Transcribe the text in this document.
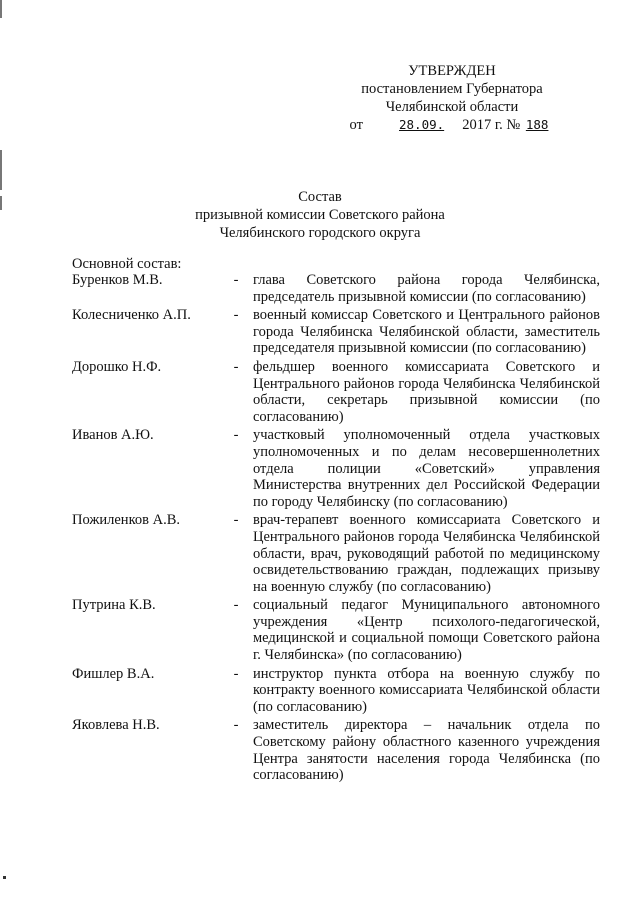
УТВЕРЖДЕН
постановлением Губернатора
Челябинской области
от	28.09. 2017 г. № 188
Состав
призывной комиссии Советского района
Челябинского городского округа
Основной состав:
Буренков М.В.	- глава Советского района города Челябинска, председатель призывной комиссии (по согласованию)
Колесниченко А.П.	- военный комиссар Советского и Центрального районов города Челябинска Челябинской области, заместитель председателя призывной комиссии (по согласованию)
Дорошко Н.Ф.	- фельдшер военного комиссариата Советского и Центрального районов города Челябинска Челябинской области, секретарь призывной комиссии (по согласованию)
Иванов А.Ю.	- участковый уполномоченный отдела участковых уполномоченных и по делам несовершеннолетних отдела полиции «Советский» управления Министерства внутренних дел Российской Федерации по городу Челябинску (по согласованию)
Пожиленков А.В.	- врач-терапевт военного комиссариата Советского и Центрального районов города Челябинска Челябинской области, врач, руководящий работой по медицинскому освидетельствованию граждан, подлежащих призыву на военную службу (по согласованию)
Путрина К.В.	- социальный педагог Муниципального автономного учреждения «Центр психолого-педагогической, медицинской и социальной помощи Советского района г. Челябинска» (по согласованию)
Фишлер В.А.	- инструктор пункта отбора на военную службу по контракту военного комиссариата Челябинской области (по согласованию)
Яковлева Н.В.	- заместитель директора – начальник отдела по Советскому району областного казенного учреждения Центра занятости населения города Челябинска (по согласованию)
